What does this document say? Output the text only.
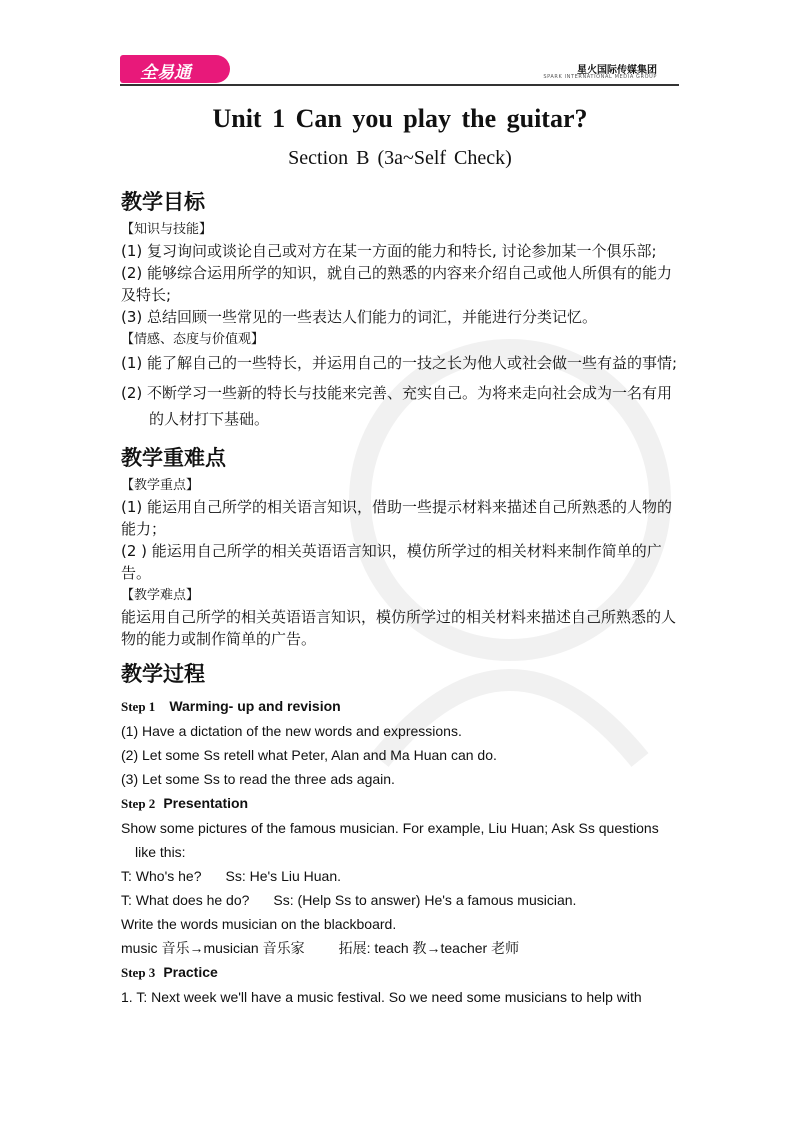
全易通	星火国际传媒集团
SPARK INTERNATIONAL MEDIA GROUP
Unit 1 Can you play the guitar?
Section B (3a~Self Check)

教学目标

【知识与技能】

(1) 复习询问或谈论自己或对方在某一方面的能力和特长, 讨论参加某一个俱乐部;

(2) 能够综合运用所学的知识，就自己的熟悉的内容来介绍自己或他人所俱有的能力及特长;

(3) 总结回顾一些常见的一些表达人们能力的词汇，并能进行分类记忆。

【情感、态度与价值观】

(1) 能了解自己的一些特长，并运用自己的一技之长为他人或社会做一些有益的事情;

(2) 不断学习一些新的特长与技能来完善、充实自己。为将来走向社会成为一名有用的人材打下基础。

教学重难点

【教学重点】

(1) 能运用自己所学的相关语言知识，借助一些提示材料来描述自己所熟悉的人物的能力；

(2 ) 能运用自己所学的相关英语语言知识，模仿所学过的相关材料来制作简单的广告。

【教学难点】

能运用自己所学的相关英语语言知识，模仿所学过的相关材料来描述自己所熟悉的人物的能力或制作简单的广告。

教学过程

Step 1 Warming- up and revision

(1) Have a dictation of the new words and expressions.

(2) Let some Ss retell what Peter, Alan and Ma Huan can do.

(3) Let some Ss to read the three ads again.

Step 2 Presentation

Show some pictures of the famous musician. For example, Liu Huan; Ask Ss questions like this:

T: Who's he? Ss: He's Liu Huan.

T: What does he do? Ss: (Help Ss to answer) He's a famous musician.

Write the words musician on the blackboard.

music 音乐→musician 音乐家 拓展: teach 教→teacher 老师

Step 3 Practice

1. T: Next week we'll have a music festival. So we need some musicians to help with
